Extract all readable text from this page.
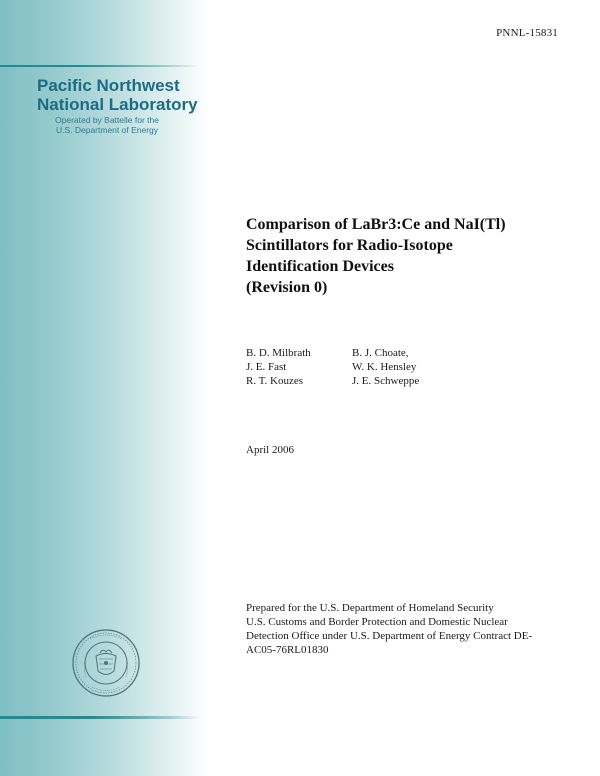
Pacific Northwest
National Laboratory
Operated by Battelle for the
U.S. Department of Energy
PNNL-15831
Comparison of LaBr3:Ce and NaI(Tl)
Scintillators for Radio-Isotope
Identification Devices
(Revision 0)
B. D. Milbrath
J. E. Fast
R. T. Kouzes
B. J. Choate,
W. K. Hensley
J. E. Schweppe
April 2006
Prepared for the U.S. Department of Homeland Security
U.S. Customs and Border Protection and Domestic Nuclear
Detection Office under U.S. Department of Energy Contract DE-
AC05-76RL01830
